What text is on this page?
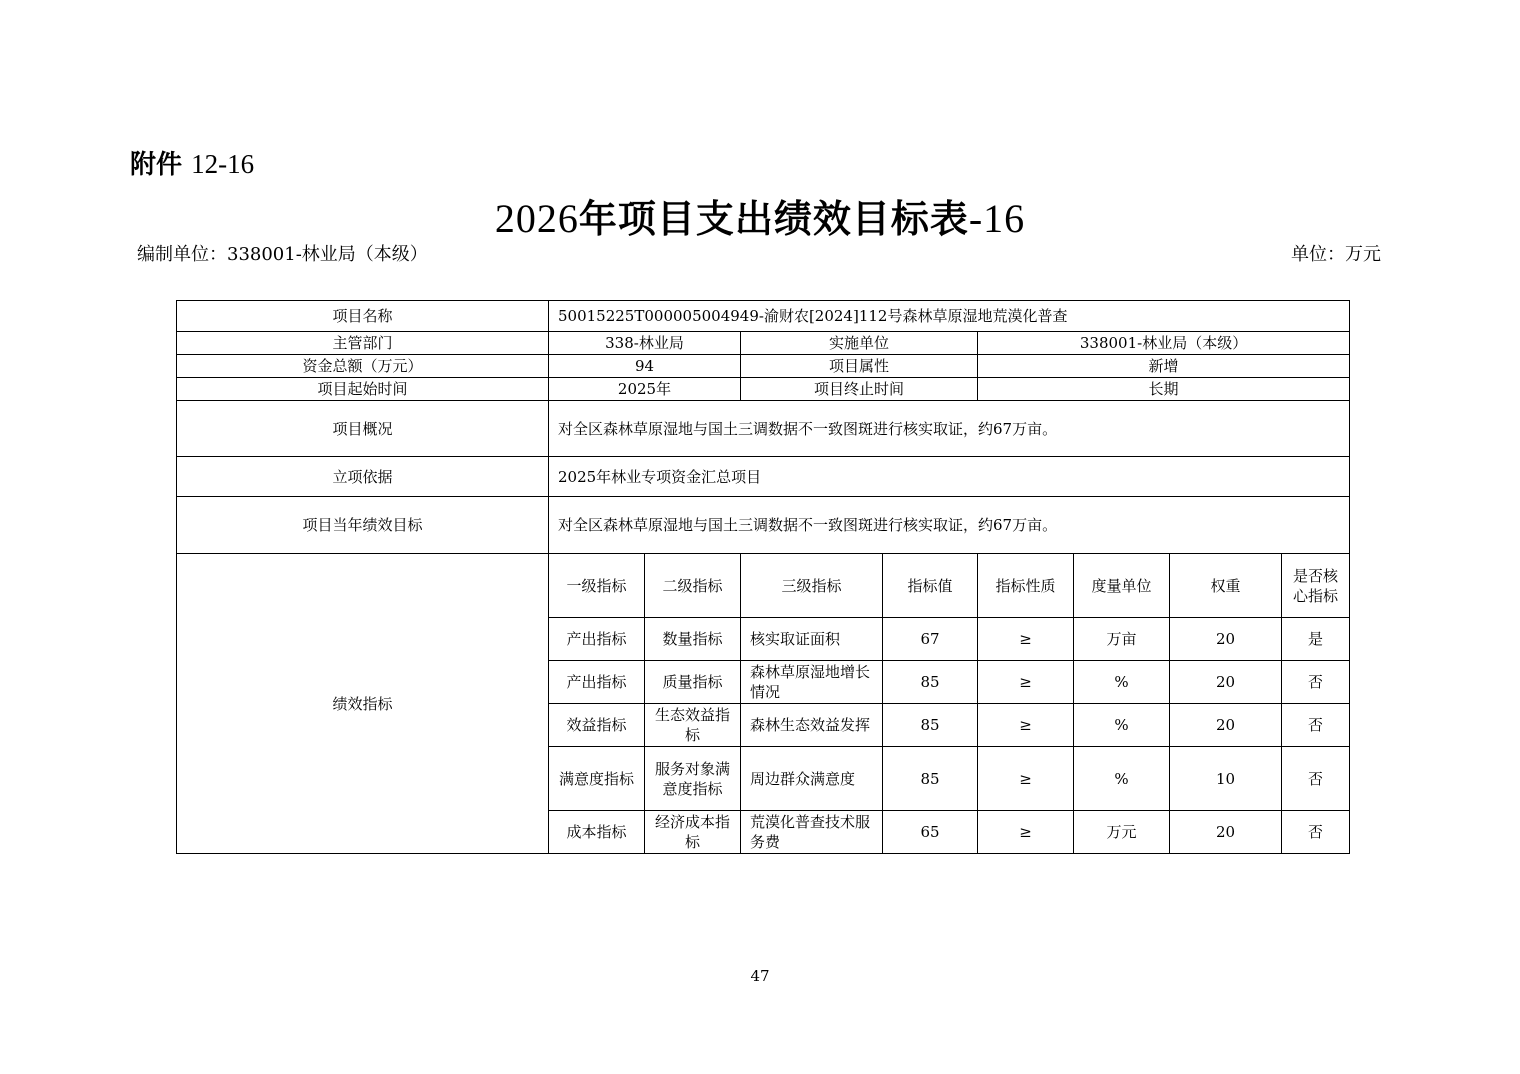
附件 12-16
2026年项目支出绩效目标表-16
编制单位：338001-林业局（本级）	单位：万元
项目名称	50015225T000005004949-渝财农[2024]112号森林草原湿地荒漠化普查							
主管部门	338-林业局		实施单位		338001-林业局（本级）			
资金总额（万元）	94		项目属性		新增			
项目起始时间	2025年		项目终止时间		长期			
项目概况	对全区森林草原湿地与国土三调数据不一致图斑进行核实取证，约67万亩。							
立项依据	2025年林业专项资金汇总项目							
项目当年绩效目标	对全区森林草原湿地与国土三调数据不一致图斑进行核实取证，约67万亩。							
绩效指标	一级指标	二级指标	三级指标	指标值	指标性质	度量单位	权重	是否核心指标
	产出指标	数量指标	核实取证面积	67	≥	万亩	20	是
	产出指标	质量指标	森林草原湿地增长情况	85	≥	%	20	否
	效益指标	生态效益指标	森林生态效益发挥	85	≥	%	20	否
	满意度指标	服务对象满意度指标	周边群众满意度	85	≥	%	10	否
	成本指标	经济成本指标	荒漠化普查技术服务费	65	≥	万元	20	否
47
